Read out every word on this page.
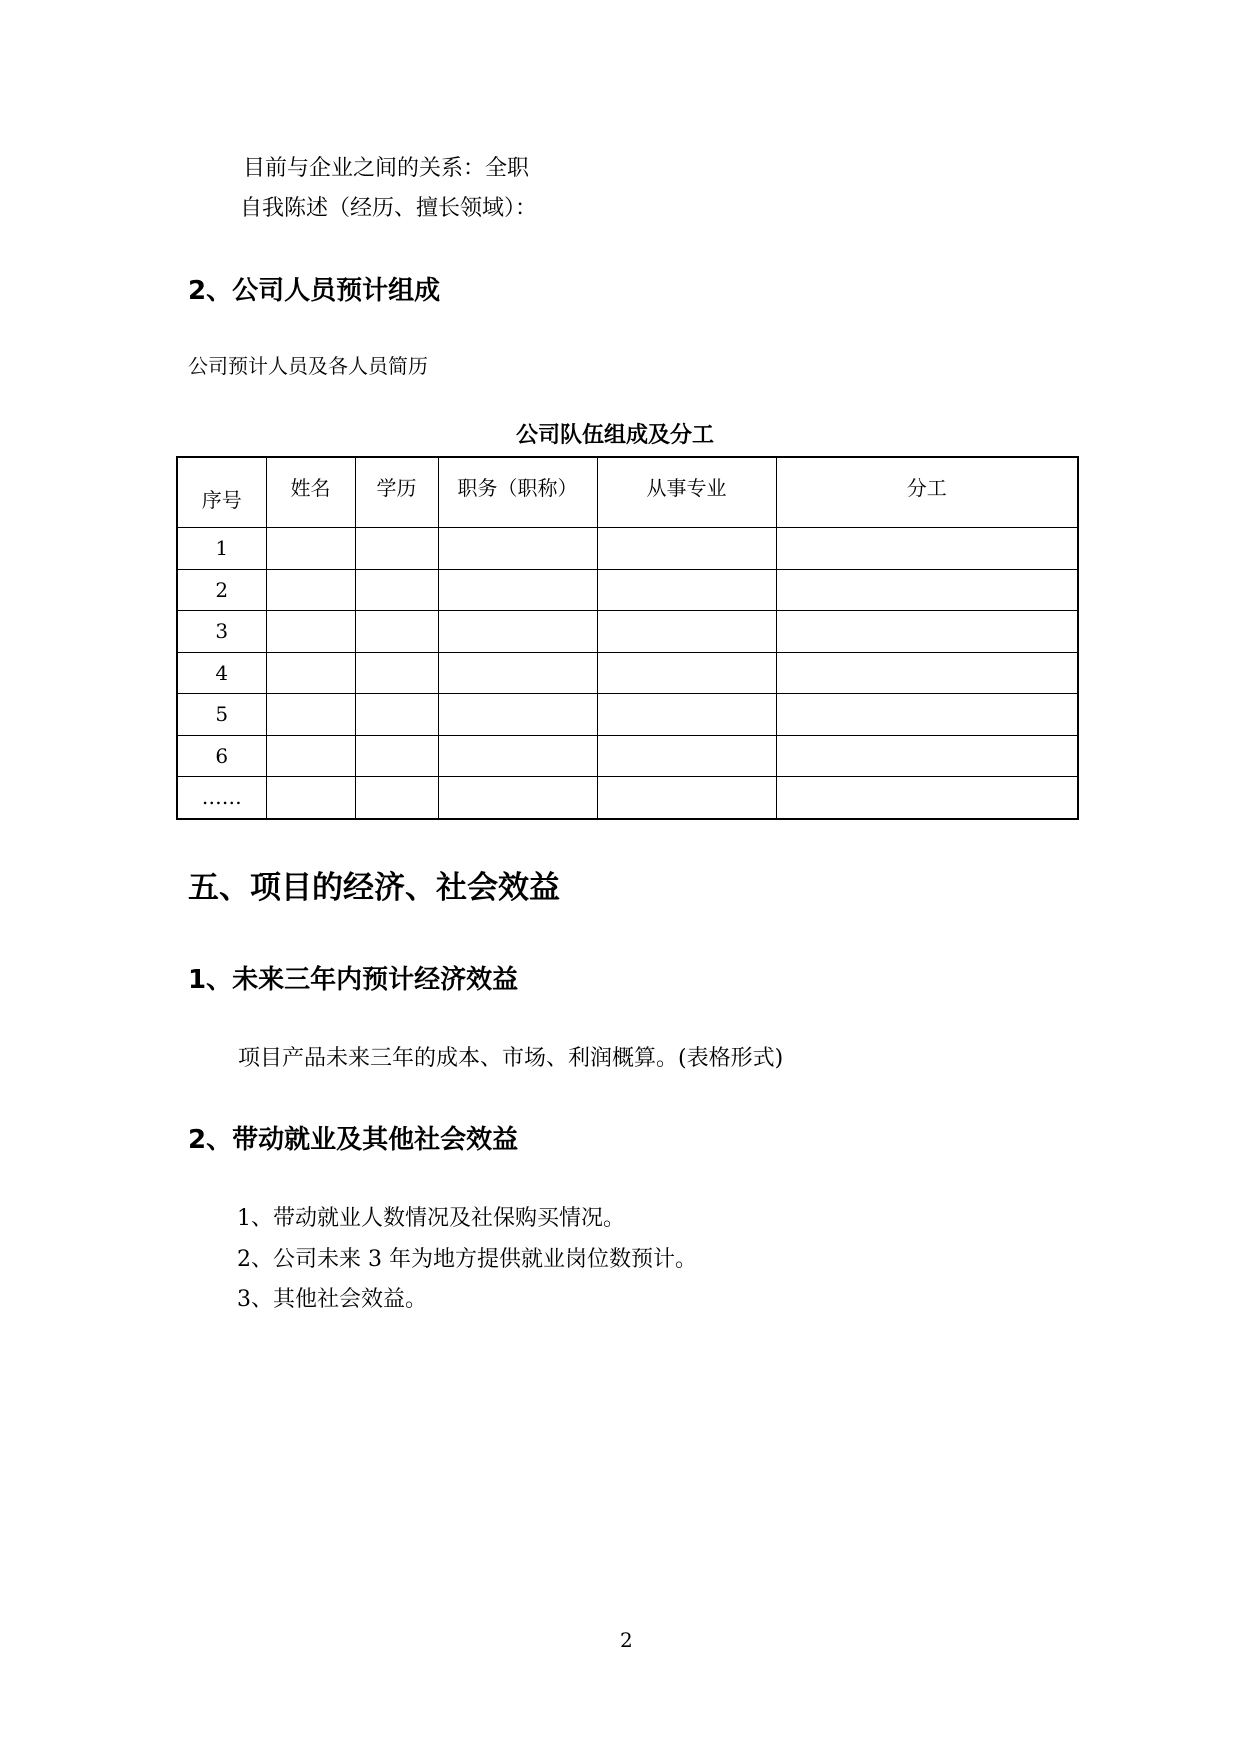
目前与企业之间的关系：全职
自我陈述（经历、擅长领域）：
2、公司人员预计组成
公司预计人员及各人员简历
公司队伍组成及分工
序号	姓名	学历	职务（职称）	从事专业	分工
1					
2					
3					
4					
5					
6					
……					
五、项目的经济、社会效益
1、未来三年内预计经济效益
项目产品未来三年的成本、市场、利润概算。(表格形式)
2、带动就业及其他社会效益
1、带动就业人数情况及社保购买情况。
2、公司未来 3 年为地方提供就业岗位数预计。
3、其他社会效益。
2
